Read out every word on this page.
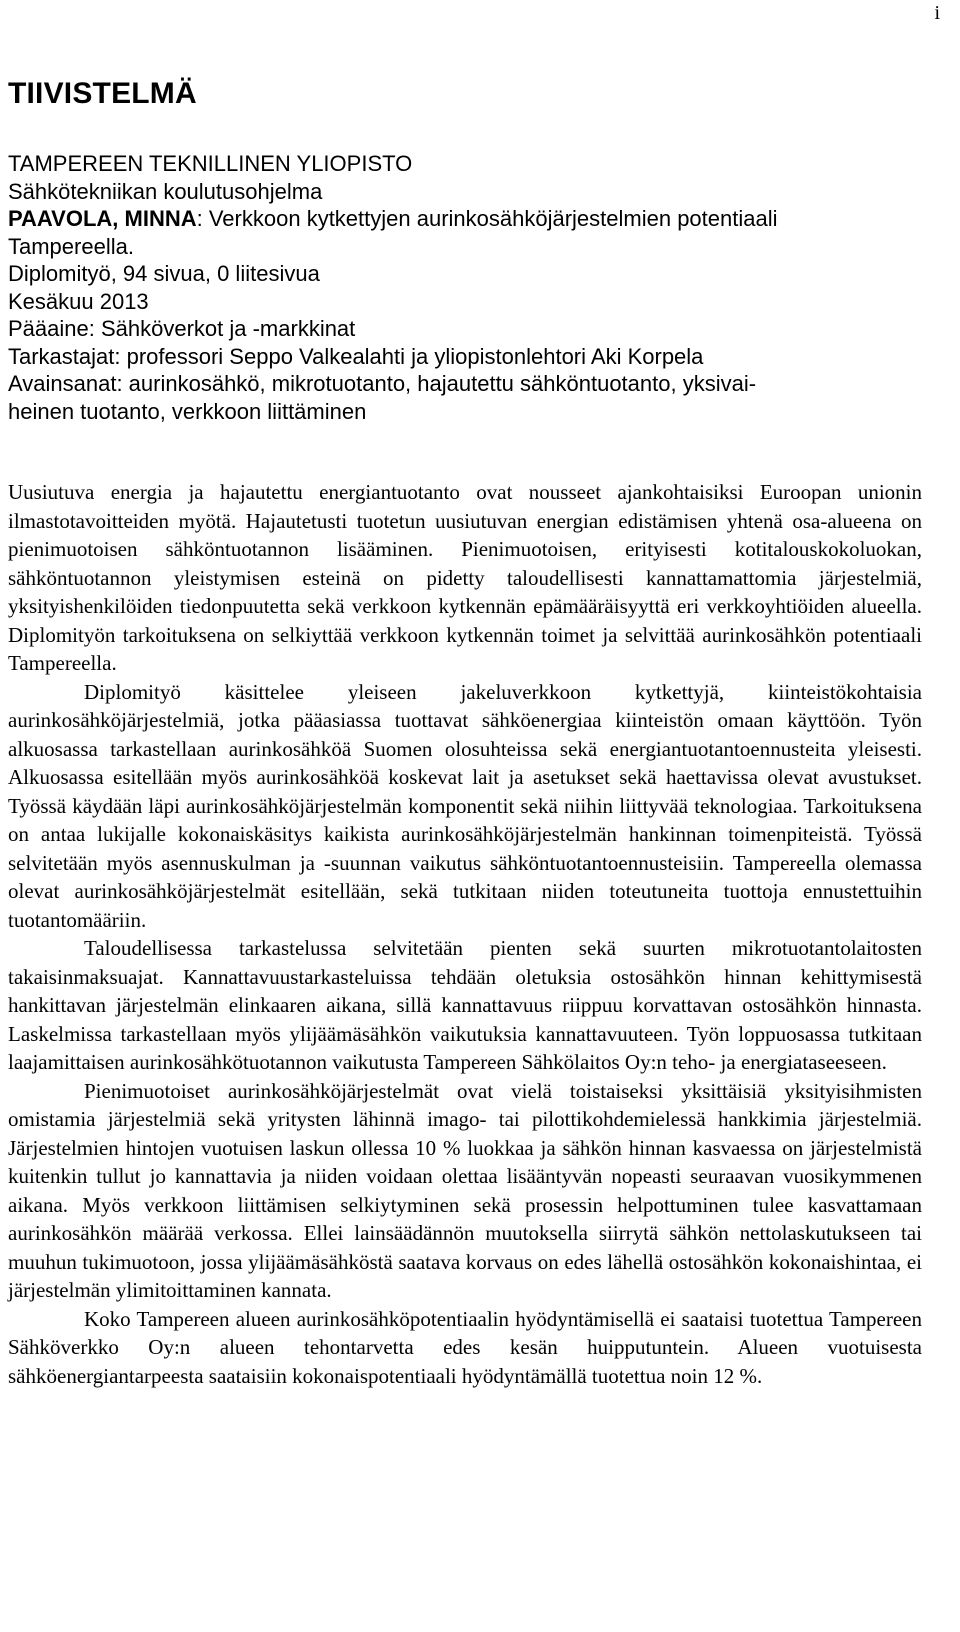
i
TIIVISTELMÄ
TAMPEREEN TEKNILLINEN YLIOPISTO
Sähkötekniikan koulutusohjelma
PAAVOLA, MINNA: Verkkoon kytkettyjen aurinkosähköjärjestelmien potentiaali
Tampereella.
Diplomityö, 94 sivua, 0 liitesivua
Kesäkuu 2013
Pääaine: Sähköverkot ja -markkinat
Tarkastajat: professori Seppo Valkealahti ja yliopistonlehtori Aki Korpela
Avainsanat: aurinkosähkö, mikrotuotanto, hajautettu sähköntuotanto, yksivai-
heinen tuotanto, verkkoon liittäminen

Uusiutuva energia ja hajautettu energiantuotanto ovat nousseet ajankohtaisiksi Euroopan unionin ilmastotavoitteiden myötä. Hajautetusti tuotetun uusiutuvan energian edistämisen yhtenä osa-alueena on pienimuotoisen sähköntuotannon lisääminen. Pienimuotoisen, erityisesti kotitalouskokoluokan, sähköntuotannon yleistymisen esteinä on pidetty taloudellisesti kannattamattomia järjestelmiä, yksityishenkilöiden tiedonpuutetta sekä verkkoon kytkennän epämääräisyyttä eri verkkoyhtiöiden alueella. Diplomityön tarkoituksena on selkiyttää verkkoon kytkennän toimet ja selvittää aurinkosähkön potentiaali Tampereella.

Diplomityö käsittelee yleiseen jakeluverkkoon kytkettyjä, kiinteistökohtaisia aurinkosähköjärjestelmiä, jotka pääasiassa tuottavat sähköenergiaa kiinteistön omaan käyttöön. Työn alkuosassa tarkastellaan aurinkosähköä Suomen olosuhteissa sekä energiantuotantoennusteita yleisesti. Alkuosassa esitellään myös aurinkosähköä koskevat lait ja asetukset sekä haettavissa olevat avustukset. Työssä käydään läpi aurinkosähköjärjestelmän komponentit sekä niihin liittyvää teknologiaa. Tarkoituksena on antaa lukijalle kokonaiskäsitys kaikista aurinkosähköjärjestelmän hankinnan toimenpiteistä. Työssä selvitetään myös asennuskulman ja -suunnan vaikutus sähköntuotantoennusteisiin. Tampereella olemassa olevat aurinkosähköjärjestelmät esitellään, sekä tutkitaan niiden toteutuneita tuottoja ennustettuihin tuotantomääriin.

Taloudellisessa tarkastelussa selvitetään pienten sekä suurten mikrotuotantolaitosten takaisinmaksuajat. Kannattavuustarkasteluissa tehdään oletuksia ostosähkön hinnan kehittymisestä hankittavan järjestelmän elinkaaren aikana, sillä kannattavuus riippuu korvattavan ostosähkön hinnasta. Laskelmissa tarkastellaan myös ylijäämäsähkön vaikutuksia kannattavuuteen. Työn loppuosassa tutkitaan laajamittaisen aurinkosähkötuotannon vaikutusta Tampereen Sähkölaitos Oy:n teho- ja energiataseeseen.

Pienimuotoiset aurinkosähköjärjestelmät ovat vielä toistaiseksi yksittäisiä yksityisihmisten omistamia järjestelmiä sekä yritysten lähinnä imago- tai pilottikohdemielessä hankkimia järjestelmiä. Järjestelmien hintojen vuotuisen laskun ollessa 10 % luokkaa ja sähkön hinnan kasvaessa on järjestelmistä kuitenkin tullut jo kannattavia ja niiden voidaan olettaa lisääntyvän nopeasti seuraavan vuosikymmenen aikana. Myös verkkoon liittämisen selkiytyminen sekä prosessin helpottuminen tulee kasvattamaan aurinkosähkön määrää verkossa. Ellei lainsäädännön muutoksella siirrytä sähkön nettolaskutukseen tai muuhun tukimuotoon, jossa ylijäämäsähköstä saatava korvaus on edes lähellä ostosähkön kokonaishintaa, ei järjestelmän ylimitoittaminen kannata.

Koko Tampereen alueen aurinkosähköpotentiaalin hyödyntämisellä ei saataisi tuotettua Tampereen Sähköverkko Oy:n alueen tehontarvetta edes kesän huipputuntein. Alueen vuotuisesta sähköenergiantarpeesta saataisiin kokonaispotentiaali hyödyntämällä tuotettua noin 12 %.
